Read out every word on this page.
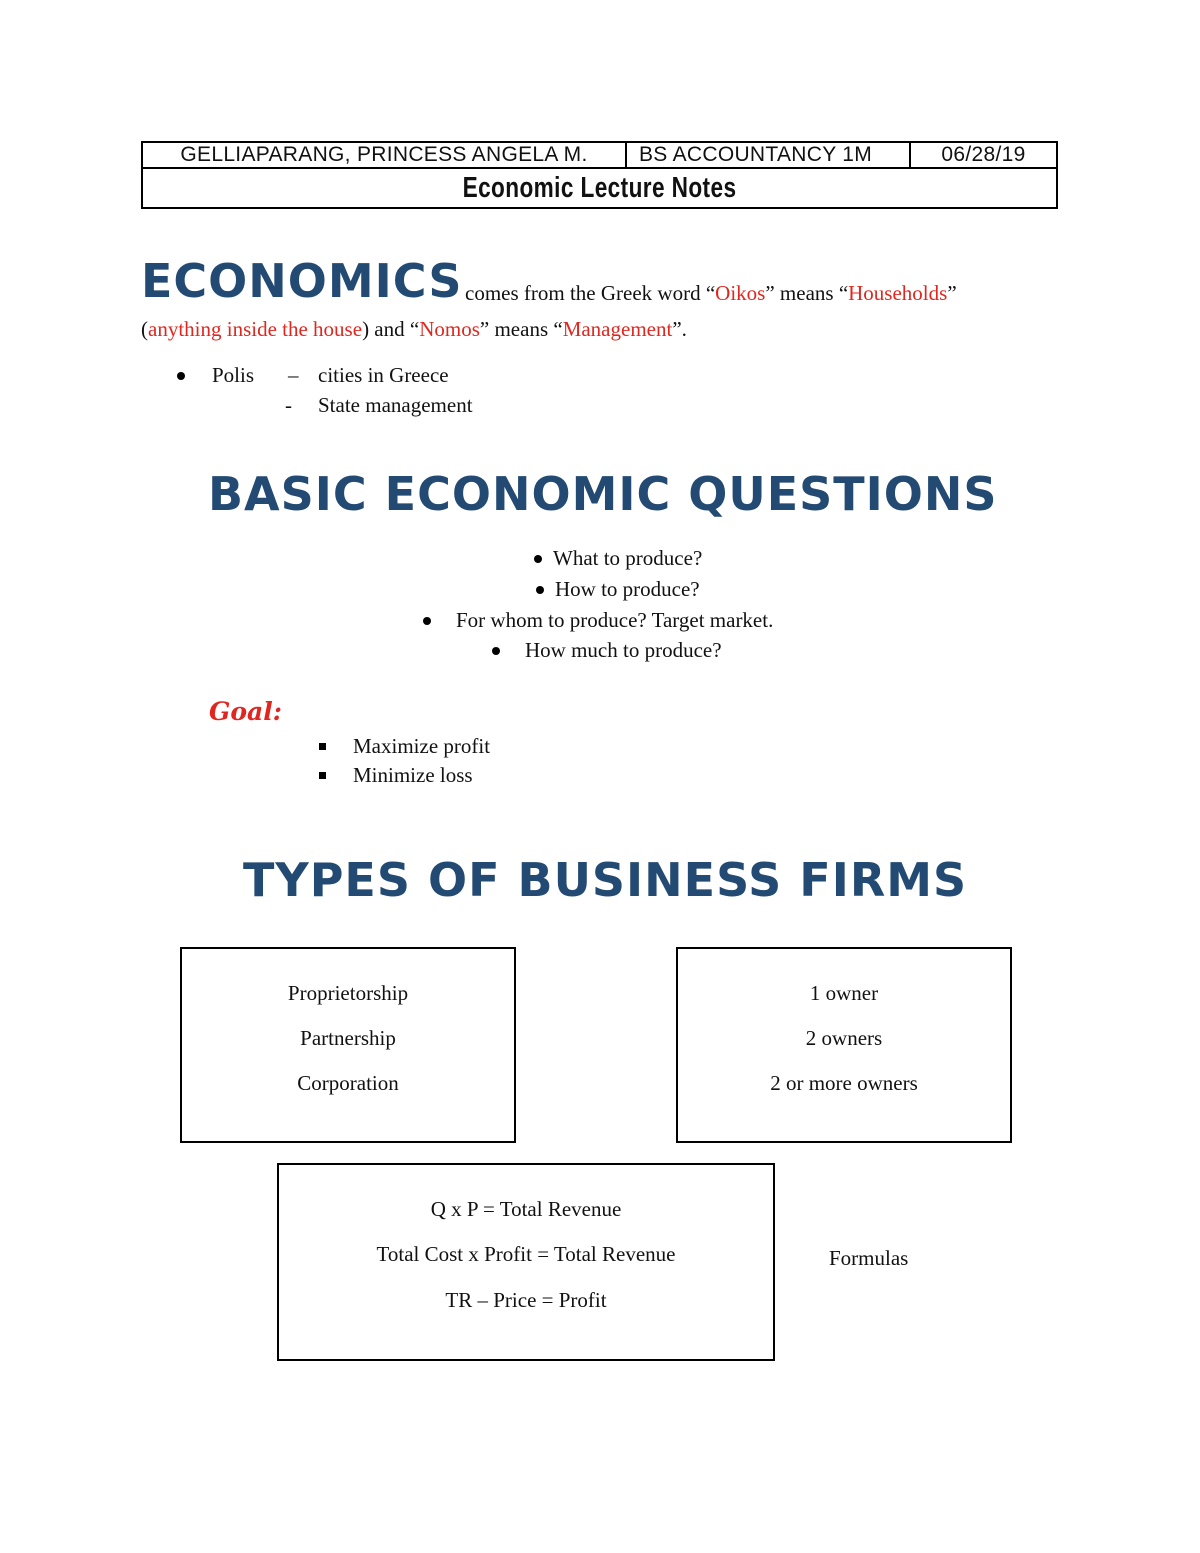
GELLIAPARANG, PRINCESS ANGELA M.	BS ACCOUNTANCY 1M	06/28/19
Economic Lecture Notes
ECONOMICS comes from the Greek word “Oikos” means “Households”
(anything inside the house) and “Nomos” means “Management”.
Polis – cities in Greece
- State management
BASIC ECONOMIC QUESTIONS
What to produce?
How to produce?
For whom to produce? Target market.
How much to produce?
Goal:
Maximize profit
Minimize loss
TYPES OF BUSINESS FIRMS
Proprietorship
Partnership
Corporation
1 owner
2 owners
2 or more owners
Q x P = Total Revenue
Total Cost x Profit = Total Revenue
TR – Price = Profit
Formulas
